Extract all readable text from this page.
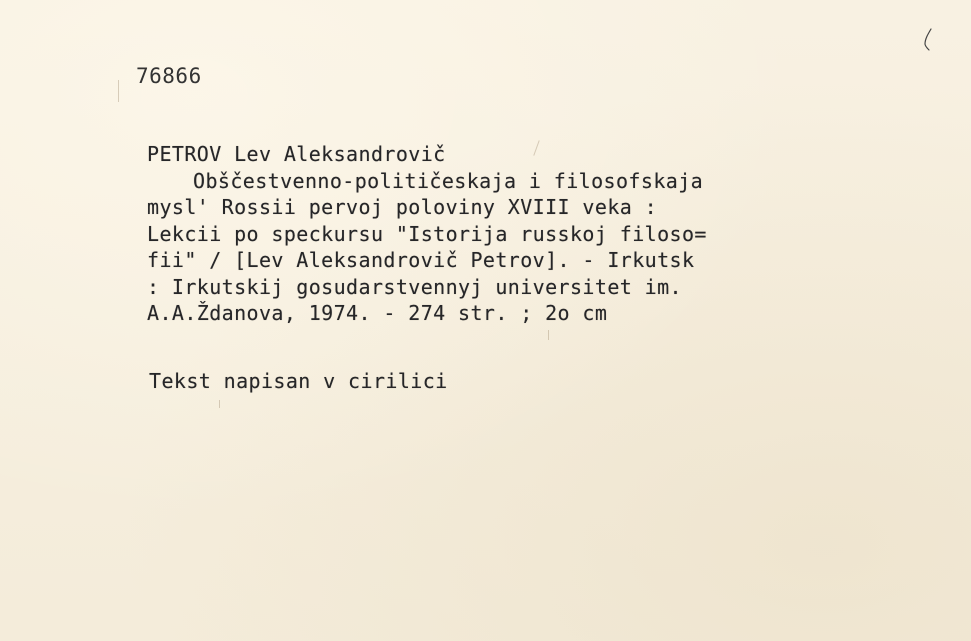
76866
PETROV Lev Aleksandrovič
Obščestvenno-političeskaja i filosofskaja
mysl' Rossii pervoj poloviny XVIII veka :
Lekcii po speckursu "Istorija russkoj filoso=
fii" / [Lev Aleksandrovič Petrov]. - Irkutsk
: Irkutskij gosudarstvennyj universitet im.
A.A.Ždanova, 1974. - 274 str. ; 2o cm
Tekst napisan v cirilici
